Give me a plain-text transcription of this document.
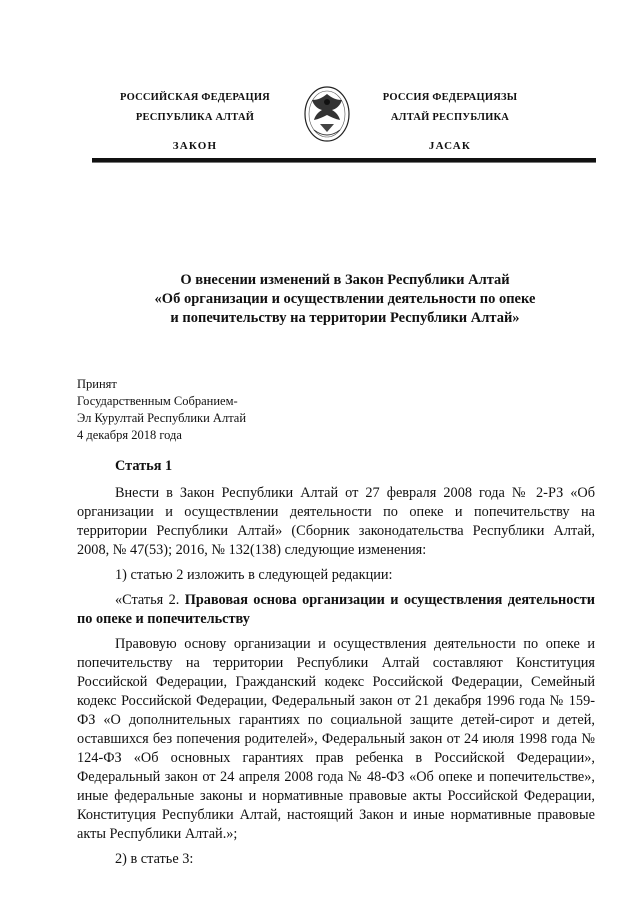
РОССИЙСКАЯ ФЕДЕРАЦИЯ
РЕСПУБЛИКА АЛТАЙ
ЗАКОН
РОССИЯ ФЕДЕРАЦИЯЗЫ
АЛТАЙ РЕСПУБЛИКА
JАСАК
О внесении изменений в Закон Республики Алтай
«Об организации и осуществлении деятельности по опеке
и попечительству на территории Республики Алтай»
Принят
Государственным Собранием-
Эл Курултай Республики Алтай
4 декабря 2018 года
Статья 1

Внести в Закон Республики Алтай от 27 февраля 2008 года № 2-РЗ «Об организации и осуществлении деятельности по опеке и попечительству на территории Республики Алтай» (Сборник законодательства Республики Алтай, 2008, № 47(53); 2016, № 132(138) следующие изменения:

1) статью 2 изложить в следующей редакции:

«Статья 2. Правовая основа организации и осуществления деятельности по опеке и попечительству

Правовую основу организации и осуществления деятельности по опеке и попечительству на территории Республики Алтай составляют Конституция Российской Федерации, Гражданский кодекс Российской Федерации, Семейный кодекс Российской Федерации, Федеральный закон от 21 декабря 1996 года № 159-ФЗ «О дополнительных гарантиях по социальной защите детей-сирот и детей, оставшихся без попечения родителей», Федеральный закон от 24 июля 1998 года № 124-ФЗ «Об основных гарантиях прав ребенка в Российской Федерации», Федеральный закон от 24 апреля 2008 года № 48-ФЗ «Об опеке и попечительстве», иные федеральные законы и нормативные правовые акты Российской Федерации, Конституция Республики Алтай, настоящий Закон и иные нормативные правовые акты Республики Алтай.»;

2) в статье 3:
